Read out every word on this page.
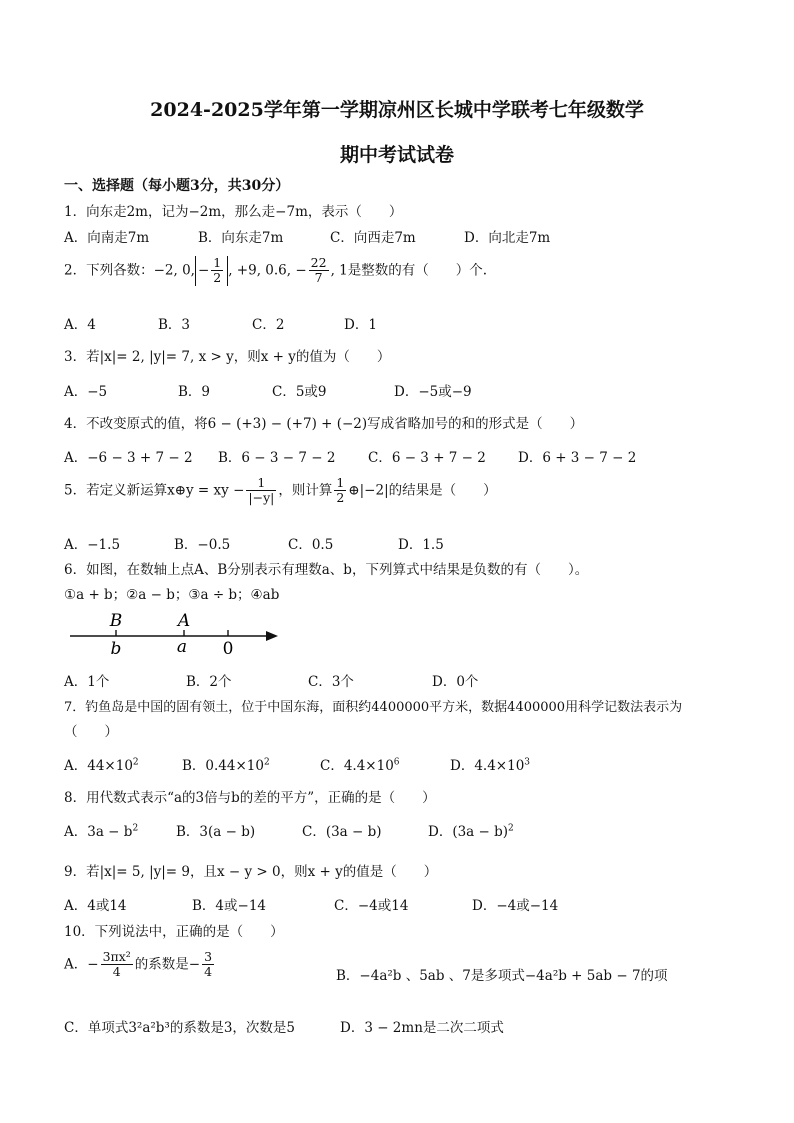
2024-2025学年第一学期凉州区长城中学联考七年级数学
期中考试试卷
一、选择题（每小题3分，共30分）
1．向东走2m，记为−2m，那么走−7m，表示（　　）
A．向南走7m	B．向东走7m	C．向西走7m	D．向北走7m
2．下列各数：−2, 0, − $\frac{1}{2}$ , +9, 0.6, − $\frac{22}{7}$ , 1是整数的有（　　）个.
A．4	B．3	C．2	D．1
3．若|x|= 2, |y|= 7, x > y，则x + y的值为（　　）
A．−5	B．9	C．5或9	D．−5或−9
4．不改变原式的值，将6 − (+3) − (+7) + (−2)写成省略加号的和的形式是（　　）
A．−6 − 3 + 7 − 2 B．6 − 3 − 7 − 2 C．6 − 3 + 7 − 2 D．6 + 3 − 7 − 2
5．若定义新运算x⊕y = xy − $\frac{1}{|-y|}$ ，则计算 $\frac{1}{2}$ ⊕|−2|的结果是（　　）
A．−1.5	B．−0.5	C．0.5	D．1.5
6．如图，在数轴上点A、B分别表示有理数a、b，下列算式中结果是负数的有（　　）。
①a + b；②a − b；③a ÷ b；④ab
B
b
A
a 0
A．1个	B．2个	C．3个	D．0个
7．钓鱼岛是中国的固有领土，位于中国东海，面积约4400000平方米，数据4400000用科学记数法表示为
（　　）
A．$44\times 10^2$	B．$0.44\times 10^2$	C．$4.4\times 10^6$	D．$4.4\times 10^3$
8．用代数式表示“a的3倍与b的差的平方”，正确的是（　　）
A．$3a - b^2$	B．3(a − b)	C．(3a − b)	D．$(3a - b)^2$
9．若|x|= 5, |y|= 9，且x − y > 0，则x + y的值是（　　）
A．4或14	B．4或−14	C．−4或14	D．−4或−14
10．下列说法中，正确的是（　　）
A．− $\frac{\text{3πx²}}{4}$ 的系数是− $\frac{3}{4}$	B．−4a²b 、5ab 、7是多项式−4a²b + 5ab − 7的项
C．单项式3²a²b³的系数是3，次数是5	D．3 − 2mn是二次二项式
